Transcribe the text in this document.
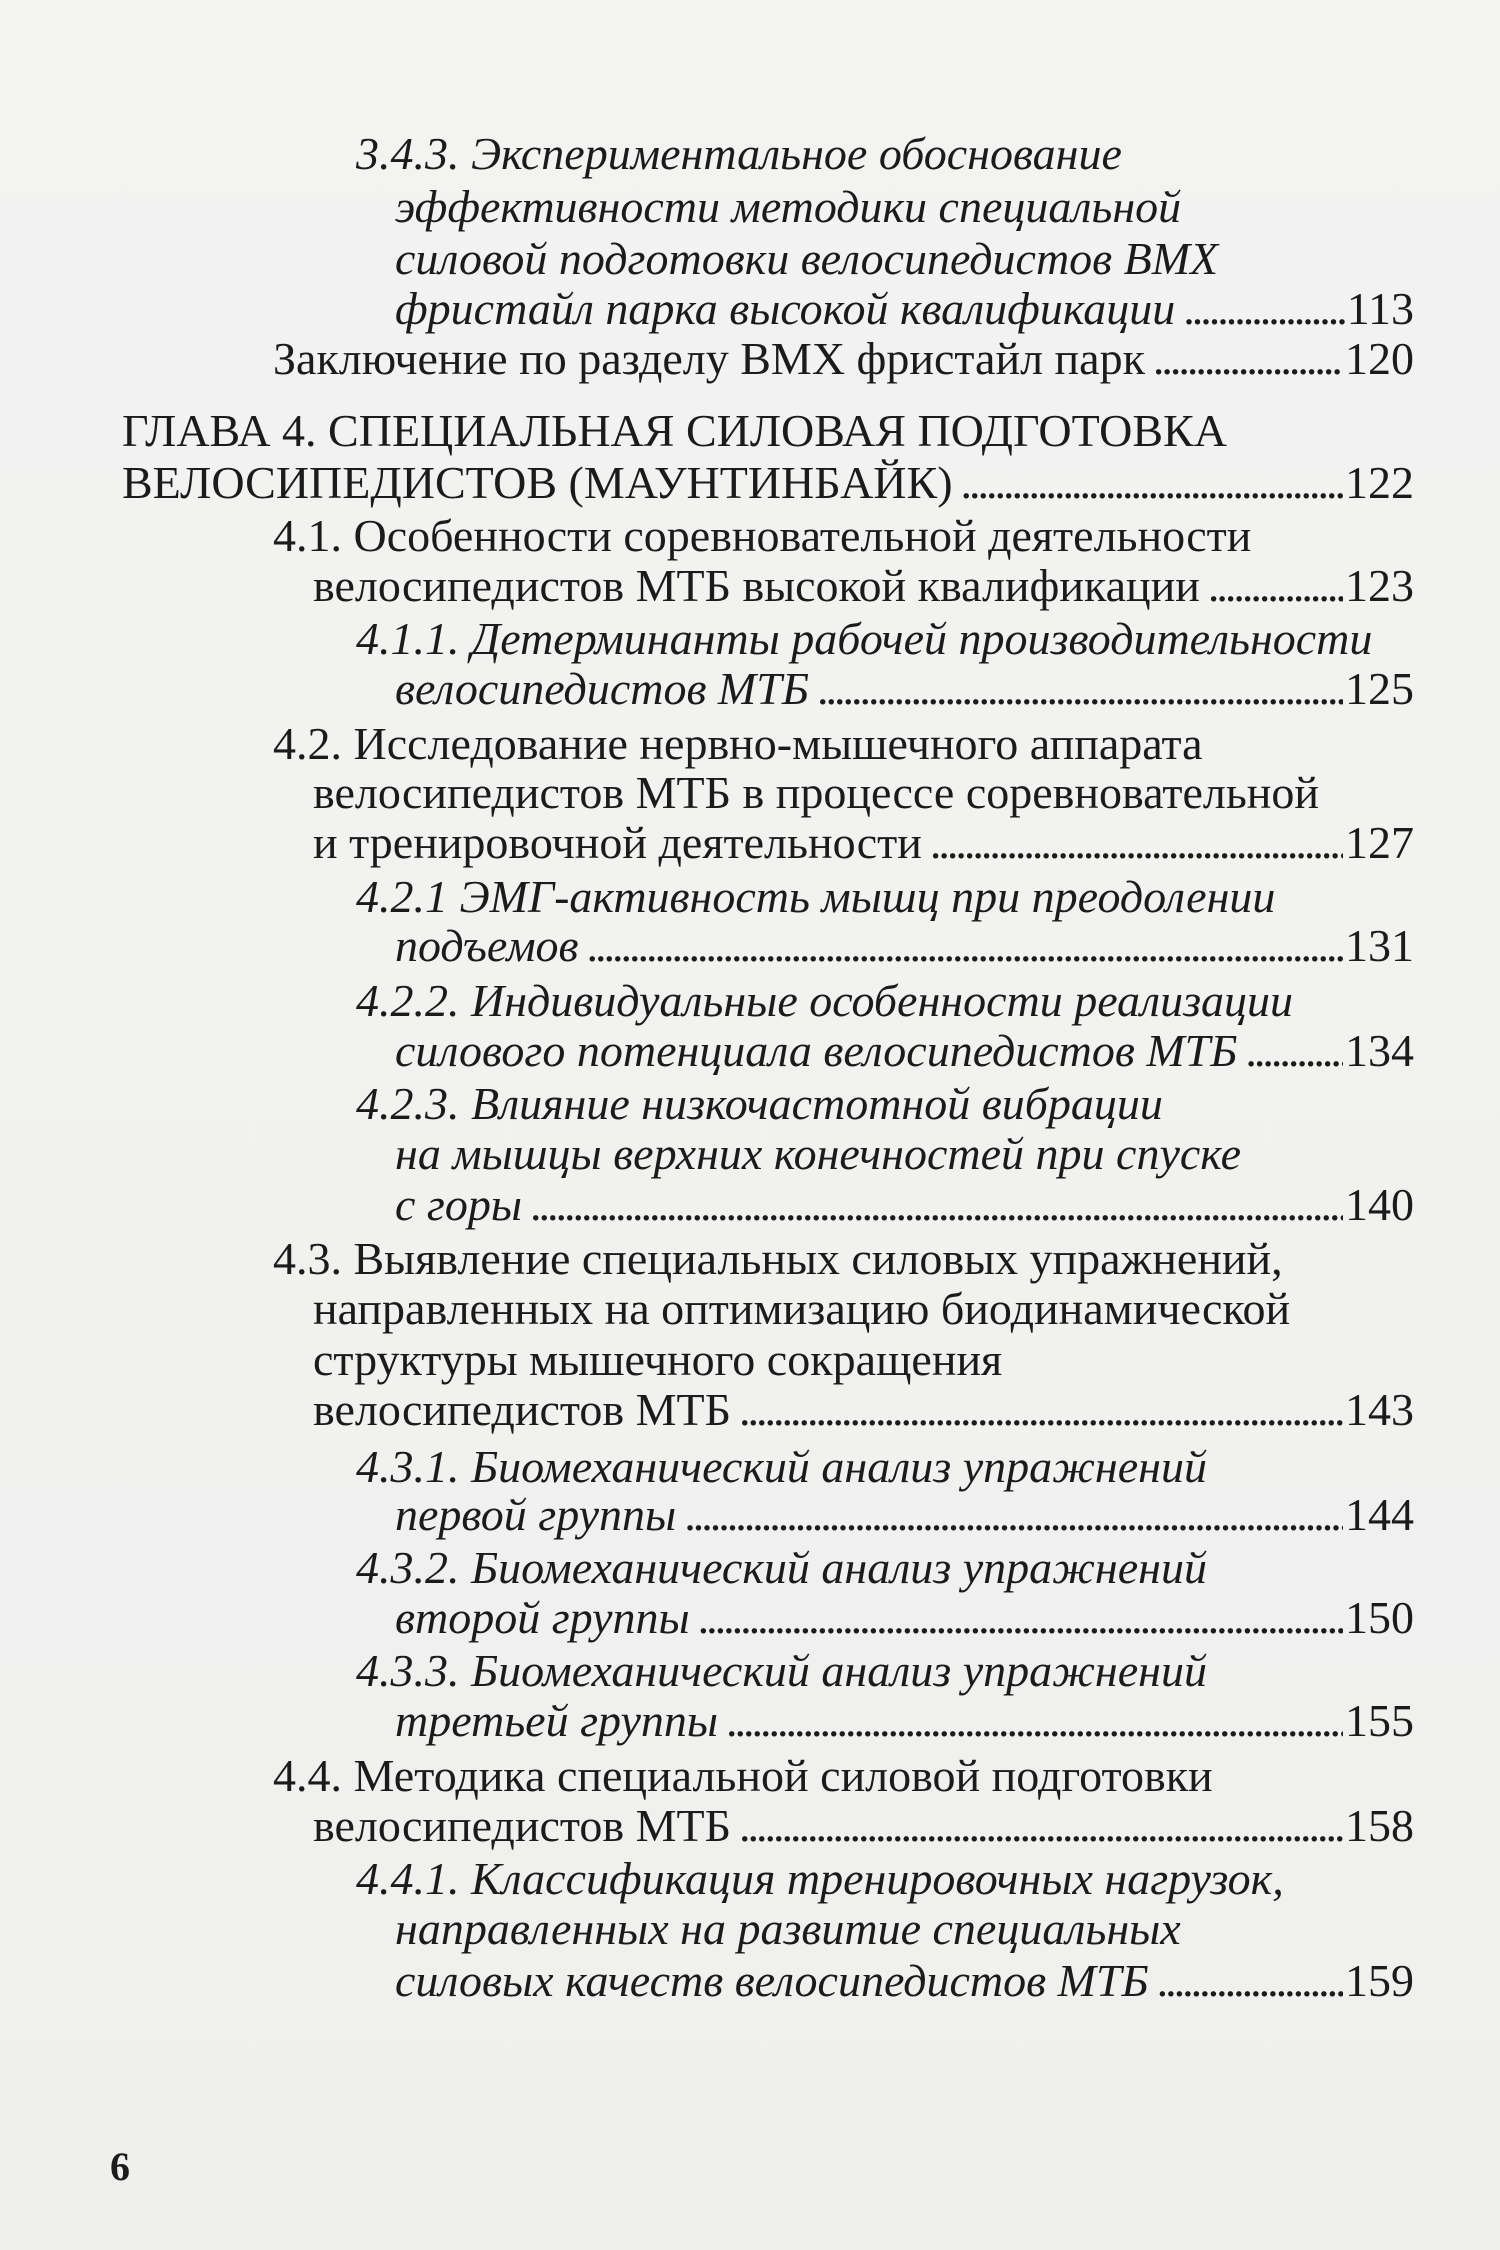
3.4.3. Экспериментальное обоснование
эффективности методики специальной
силовой подготовки велосипедистов BMX
фристайл парка высокой квалификации .....	113
Заключение по разделу BMX фристайл парк .....	120
ГЛАВА 4. СПЕЦИАЛЬНАЯ СИЛОВАЯ ПОДГОТОВКА
ВЕЛОСИПЕДИСТОВ (МАУНТИНБАЙК) .....	122
4.1. Особенности соревновательной деятельности
велосипедистов МТБ высокой квалификации .....	123
4.1.1. Детерминанты рабочей производительности
велосипедистов МТБ .....	125
4.2. Исследование нервно-мышечного аппарата
велосипедистов МТБ в процессе соревновательной
и тренировочной деятельности .....	127
4.2.1 ЭМГ-активность мышц при преодолении
подъемов .....	131
4.2.2. Индивидуальные особенности реализации
силового потенциала велосипедистов МТБ ..... 134
4.2.3. Влияние низкочастотной вибрации
на мышцы верхних конечностей при спуске
с горы .....	140
4.3. Выявление специальных силовых упражнений,
направленных на оптимизацию биодинамической
структуры мышечного сокращения
велосипедистов МТБ .....	143
4.3.1. Биомеханический анализ упражнений
первой группы .....	144
4.3.2. Биомеханический анализ упражнений
второй группы .....	150
4.3.3. Биомеханический анализ упражнений
третьей группы .....	155
4.4. Методика специальной силовой подготовки
велосипедистов МТБ .....	158
4.4.1. Классификация тренировочных нагрузок,
направленных на развитие специальных
силовых качеств велосипедистов МТБ .....	159
6
